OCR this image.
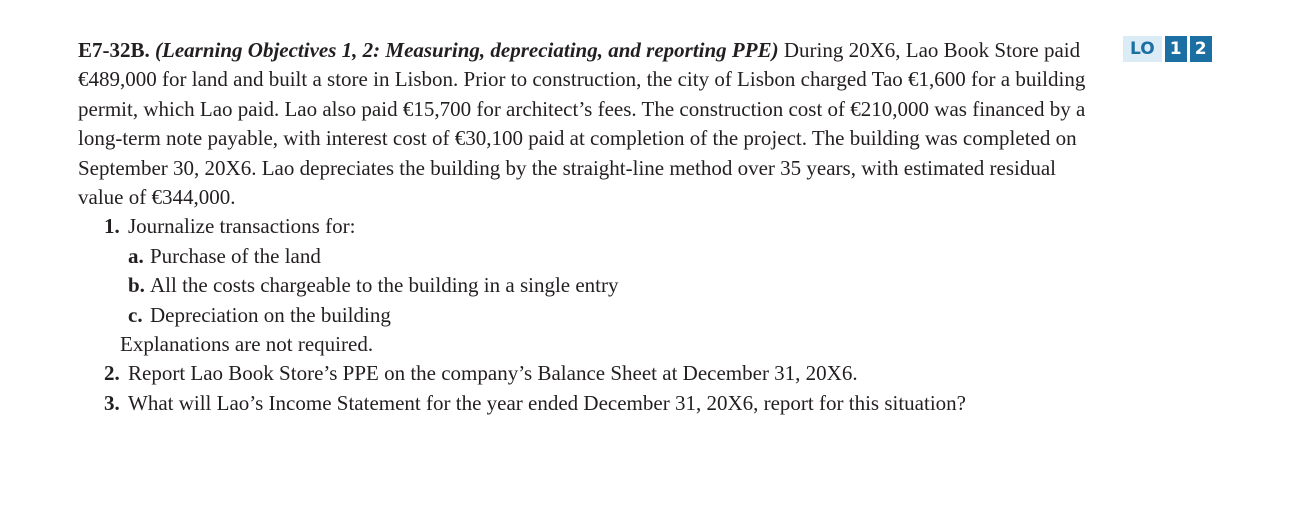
LO 1 2

E7-32B. (Learning Objectives 1, 2: Measuring, depreciating, and reporting PPE) During 20X6, Lao Book Store paid €489,000 for land and built a store in Lisbon. Prior to construction, the city of Lisbon charged Tao €1,600 for a building permit, which Lao paid. Lao also paid €15,700 for architect’s fees. The construction cost of €210,000 was financed by a long-term note payable, with interest cost of €30,100 paid at completion of the project. The building was completed on September 30, 20X6. Lao depreciates the building by the straight-line method over 35 years, with estimated residual value of €344,000.

1. Journalize transactions for:
a. Purchase of the land
b. All the costs chargeable to the building in a single entry
c. Depreciation on the building
Explanations are not required.
2. Report Lao Book Store’s PPE on the company’s Balance Sheet at December 31, 20X6.
3. What will Lao’s Income Statement for the year ended December 31, 20X6, report for this situation?
